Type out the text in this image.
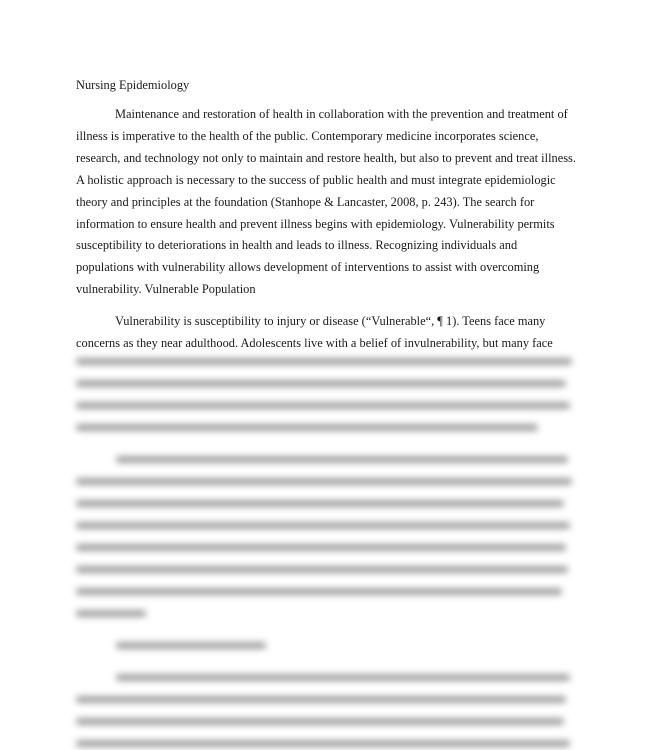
Nursing Epidemiology

Maintenance and restoration of health in collaboration with the prevention and treatment of illness is imperative to the health of the public. Contemporary medicine incorporates science, research, and technology not only to maintain and restore health, but also to prevent and treat illness. A holistic approach is necessary to the success of public health and must integrate epidemiologic theory and principles at the foundation (Stanhope & Lancaster, 2008, p. 243). The search for information to ensure health and prevent illness begins with epidemiology. Vulnerability permits susceptibility to deteriorations in health and leads to illness. Recognizing individuals and populations with vulnerability allows development of interventions to assist with overcoming vulnerability. Vulnerable Population

Vulnerability is susceptibility to injury or disease (“Vulnerable“, ¶ 1). Teens face many concerns as they near adulthood. Adolescents live with a belief of invulnerability, but many face
